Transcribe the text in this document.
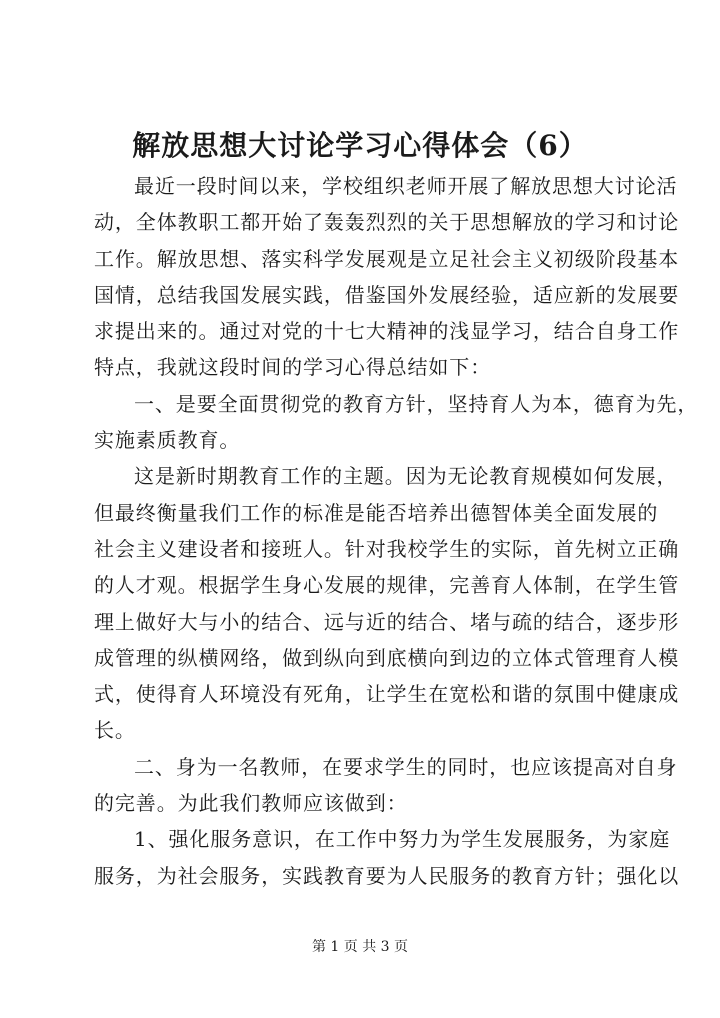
解放思想大讨论学习心得体会（6）
最近一段时间以来，学校组织老师开展了解放思想大讨论活
动，全体教职工都开始了轰轰烈烈的关于思想解放的学习和讨论
工作。解放思想、落实科学发展观是立足社会主义初级阶段基本
国情，总结我国发展实践，借鉴国外发展经验，适应新的发展要
求提出来的。通过对党的十七大精神的浅显学习，结合自身工作
特点，我就这段时间的学习心得总结如下：
一、是要全面贯彻党的教育方针，坚持育人为本，德育为先，
实施素质教育。
这是新时期教育工作的主题。因为无论教育规模如何发展，
但最终衡量我们工作的标准是能否培养出德智体美全面发展的
社会主义建设者和接班人。针对我校学生的实际，首先树立正确
的人才观。根据学生身心发展的规律，完善育人体制，在学生管
理上做好大与小的结合、远与近的结合、堵与疏的结合，逐步形
成管理的纵横网络，做到纵向到底横向到边的立体式管理育人模
式，使得育人环境没有死角，让学生在宽松和谐的氛围中健康成
长。
二、身为一名教师，在要求学生的同时，也应该提高对自身
的完善。为此我们教师应该做到：
1、强化服务意识，在工作中努力为学生发展服务，为家庭
服务，为社会服务，实践教育要为人民服务的教育方针；强化以
第 1 页 共 3 页
